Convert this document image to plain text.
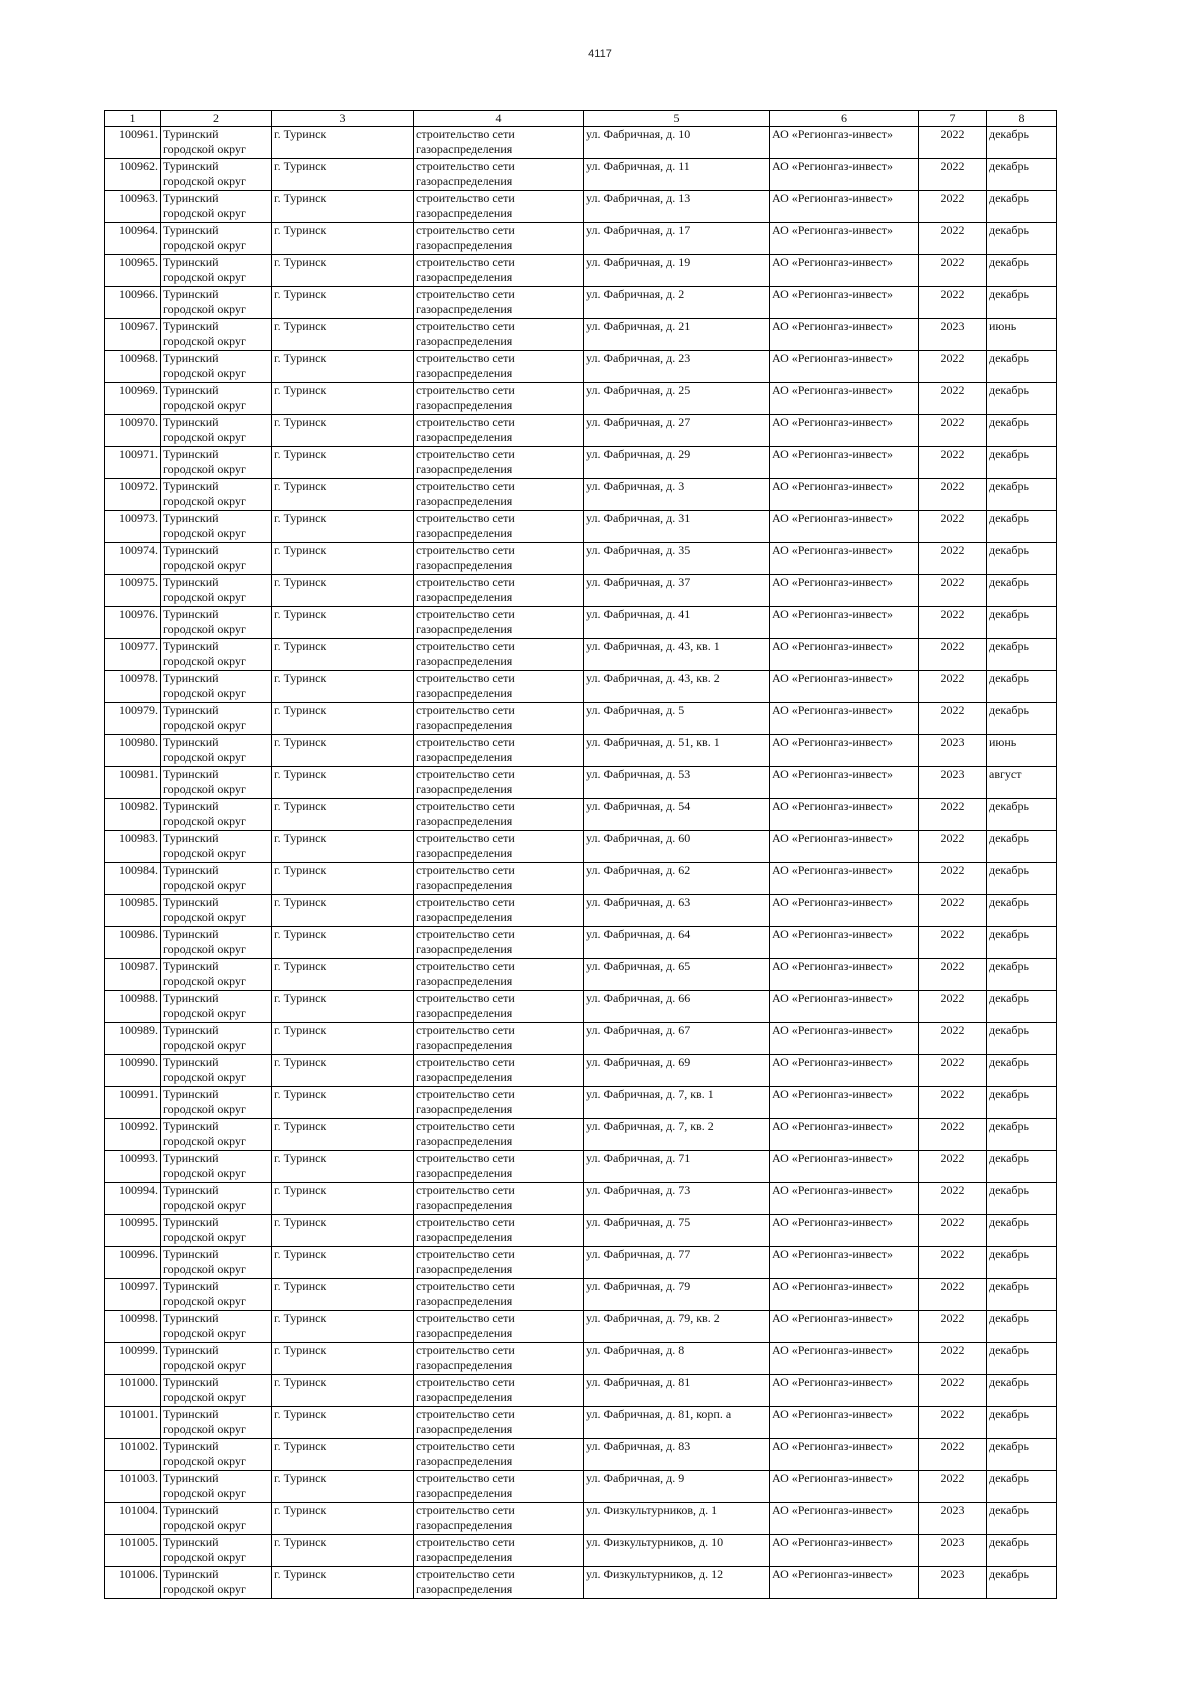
4117
1	2	3	4	5	6	7	8
100961.	Туринский городской округ	г. Туринск	строительство сети газораспределения	ул. Фабричная, д. 10	АО «Регионгаз-инвест»	2022	декабрь
100962.	Туринский городской округ	г. Туринск	строительство сети газораспределения	ул. Фабричная, д. 11	АО «Регионгаз-инвест»	2022	декабрь
100963.	Туринский городской округ	г. Туринск	строительство сети газораспределения	ул. Фабричная, д. 13	АО «Регионгаз-инвест»	2022	декабрь
100964.	Туринский городской округ	г. Туринск	строительство сети газораспределения	ул. Фабричная, д. 17	АО «Регионгаз-инвест»	2022	декабрь
100965.	Туринский городской округ	г. Туринск	строительство сети газораспределения	ул. Фабричная, д. 19	АО «Регионгаз-инвест»	2022	декабрь
100966.	Туринский городской округ	г. Туринск	строительство сети газораспределения	ул. Фабричная, д. 2	АО «Регионгаз-инвест»	2022	декабрь
100967.	Туринский городской округ	г. Туринск	строительство сети газораспределения	ул. Фабричная, д. 21	АО «Регионгаз-инвест»	2023	июнь
100968.	Туринский городской округ	г. Туринск	строительство сети газораспределения	ул. Фабричная, д. 23	АО «Регионгаз-инвест»	2022	декабрь
100969.	Туринский городской округ	г. Туринск	строительство сети газораспределения	ул. Фабричная, д. 25	АО «Регионгаз-инвест»	2022	декабрь
100970.	Туринский городской округ	г. Туринск	строительство сети газораспределения	ул. Фабричная, д. 27	АО «Регионгаз-инвест»	2022	декабрь
100971.	Туринский городской округ	г. Туринск	строительство сети газораспределения	ул. Фабричная, д. 29	АО «Регионгаз-инвест»	2022	декабрь
100972.	Туринский городской округ	г. Туринск	строительство сети газораспределения	ул. Фабричная, д. 3	АО «Регионгаз-инвест»	2022	декабрь
100973.	Туринский городской округ	г. Туринск	строительство сети газораспределения	ул. Фабричная, д. 31	АО «Регионгаз-инвест»	2022	декабрь
100974.	Туринский городской округ	г. Туринск	строительство сети газораспределения	ул. Фабричная, д. 35	АО «Регионгаз-инвест»	2022	декабрь
100975.	Туринский городской округ	г. Туринск	строительство сети газораспределения	ул. Фабричная, д. 37	АО «Регионгаз-инвест»	2022	декабрь
100976.	Туринский городской округ	г. Туринск	строительство сети газораспределения	ул. Фабричная, д. 41	АО «Регионгаз-инвест»	2022	декабрь
100977.	Туринский городской округ	г. Туринск	строительство сети газораспределения	ул. Фабричная, д. 43, кв. 1	АО «Регионгаз-инвест»	2022	декабрь
100978.	Туринский городской округ	г. Туринск	строительство сети газораспределения	ул. Фабричная, д. 43, кв. 2	АО «Регионгаз-инвест»	2022	декабрь
100979.	Туринский городской округ	г. Туринск	строительство сети газораспределения	ул. Фабричная, д. 5	АО «Регионгаз-инвест»	2022	декабрь
100980.	Туринский городской округ	г. Туринск	строительство сети газораспределения	ул. Фабричная, д. 51, кв. 1	АО «Регионгаз-инвест»	2023	июнь
100981.	Туринский городской округ	г. Туринск	строительство сети газораспределения	ул. Фабричная, д. 53	АО «Регионгаз-инвест»	2023	август
100982.	Туринский городской округ	г. Туринск	строительство сети газораспределения	ул. Фабричная, д. 54	АО «Регионгаз-инвест»	2022	декабрь
100983.	Туринский городской округ	г. Туринск	строительство сети газораспределения	ул. Фабричная, д. 60	АО «Регионгаз-инвест»	2022	декабрь
100984.	Туринский городской округ	г. Туринск	строительство сети газораспределения	ул. Фабричная, д. 62	АО «Регионгаз-инвест»	2022	декабрь
100985.	Туринский городской округ	г. Туринск	строительство сети газораспределения	ул. Фабричная, д. 63	АО «Регионгаз-инвест»	2022	декабрь
100986.	Туринский городской округ	г. Туринск	строительство сети газораспределения	ул. Фабричная, д. 64	АО «Регионгаз-инвест»	2022	декабрь
100987.	Туринский городской округ	г. Туринск	строительство сети газораспределения	ул. Фабричная, д. 65	АО «Регионгаз-инвест»	2022	декабрь
100988.	Туринский городской округ	г. Туринск	строительство сети газораспределения	ул. Фабричная, д. 66	АО «Регионгаз-инвест»	2022	декабрь
100989.	Туринский городской округ	г. Туринск	строительство сети газораспределения	ул. Фабричная, д. 67	АО «Регионгаз-инвест»	2022	декабрь
100990.	Туринский городской округ	г. Туринск	строительство сети газораспределения	ул. Фабричная, д. 69	АО «Регионгаз-инвест»	2022	декабрь
100991.	Туринский городской округ	г. Туринск	строительство сети газораспределения	ул. Фабричная, д. 7, кв. 1	АО «Регионгаз-инвест»	2022	декабрь
100992.	Туринский городской округ	г. Туринск	строительство сети газораспределения	ул. Фабричная, д. 7, кв. 2	АО «Регионгаз-инвест»	2022	декабрь
100993.	Туринский городской округ	г. Туринск	строительство сети газораспределения	ул. Фабричная, д. 71	АО «Регионгаз-инвест»	2022	декабрь
100994.	Туринский городской округ	г. Туринск	строительство сети газораспределения	ул. Фабричная, д. 73	АО «Регионгаз-инвест»	2022	декабрь
100995.	Туринский городской округ	г. Туринск	строительство сети газораспределения	ул. Фабричная, д. 75	АО «Регионгаз-инвест»	2022	декабрь
100996.	Туринский городской округ	г. Туринск	строительство сети газораспределения	ул. Фабричная, д. 77	АО «Регионгаз-инвест»	2022	декабрь
100997.	Туринский городской округ	г. Туринск	строительство сети газораспределения	ул. Фабричная, д. 79	АО «Регионгаз-инвест»	2022	декабрь
100998.	Туринский городской округ	г. Туринск	строительство сети газораспределения	ул. Фабричная, д. 79, кв. 2	АО «Регионгаз-инвест»	2022	декабрь
100999.	Туринский городской округ	г. Туринск	строительство сети газораспределения	ул. Фабричная, д. 8	АО «Регионгаз-инвест»	2022	декабрь
101000.	Туринский городской округ	г. Туринск	строительство сети газораспределения	ул. Фабричная, д. 81	АО «Регионгаз-инвест»	2022	декабрь
101001.	Туринский городской округ	г. Туринск	строительство сети газораспределения	ул. Фабричная, д. 81, корп. а	АО «Регионгаз-инвест»	2022	декабрь
101002.	Туринский городской округ	г. Туринск	строительство сети газораспределения	ул. Фабричная, д. 83	АО «Регионгаз-инвест»	2022	декабрь
101003.	Туринский городской округ	г. Туринск	строительство сети газораспределения	ул. Фабричная, д. 9	АО «Регионгаз-инвест»	2022	декабрь
101004.	Туринский городской округ	г. Туринск	строительство сети газораспределения	ул. Физкультурников, д. 1	АО «Регионгаз-инвест»	2023	декабрь
101005.	Туринский городской округ	г. Туринск	строительство сети газораспределения	ул. Физкультурников, д. 10	АО «Регионгаз-инвест»	2023	декабрь
101006.	Туринский городской округ	г. Туринск	строительство сети газораспределения	ул. Физкультурников, д. 12	АО «Регионгаз-инвест»	2023	декабрь
